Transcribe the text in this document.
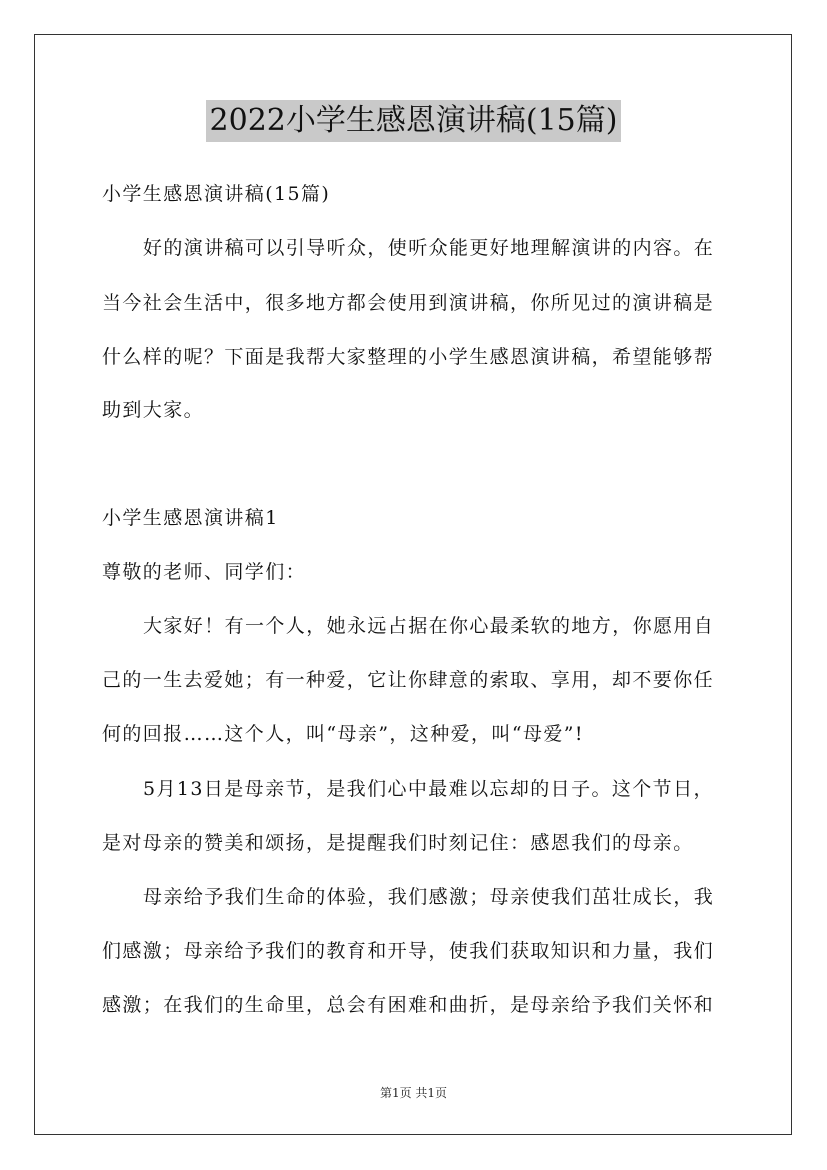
2022小学生感恩演讲稿(15篇)
小学生感恩演讲稿(15篇)
好的演讲稿可以引导听众，使听众能更好地理解演讲的内容。在
当今社会生活中，很多地方都会使用到演讲稿，你所见过的演讲稿是
什么样的呢？下面是我帮大家整理的小学生感恩演讲稿，希望能够帮
助到大家。
小学生感恩演讲稿1
尊敬的老师、同学们：
大家好！有一个人，她永远占据在你心最柔软的地方，你愿用自
己的一生去爱她；有一种爱，它让你肆意的索取、享用，却不要你任
何的回报……这个人，叫“母亲”，这种爱，叫“母爱”!
5月13日是母亲节，是我们心中最难以忘却的日子。这个节日，
是对母亲的赞美和颂扬，是提醒我们时刻记住：感恩我们的母亲。
母亲给予我们生命的体验，我们感激；母亲使我们茁壮成长，我
们感激；母亲给予我们的教育和开导，使我们获取知识和力量，我们
感激；在我们的生命里，总会有困难和曲折，是母亲给予我们关怀和
第1页 共1页
